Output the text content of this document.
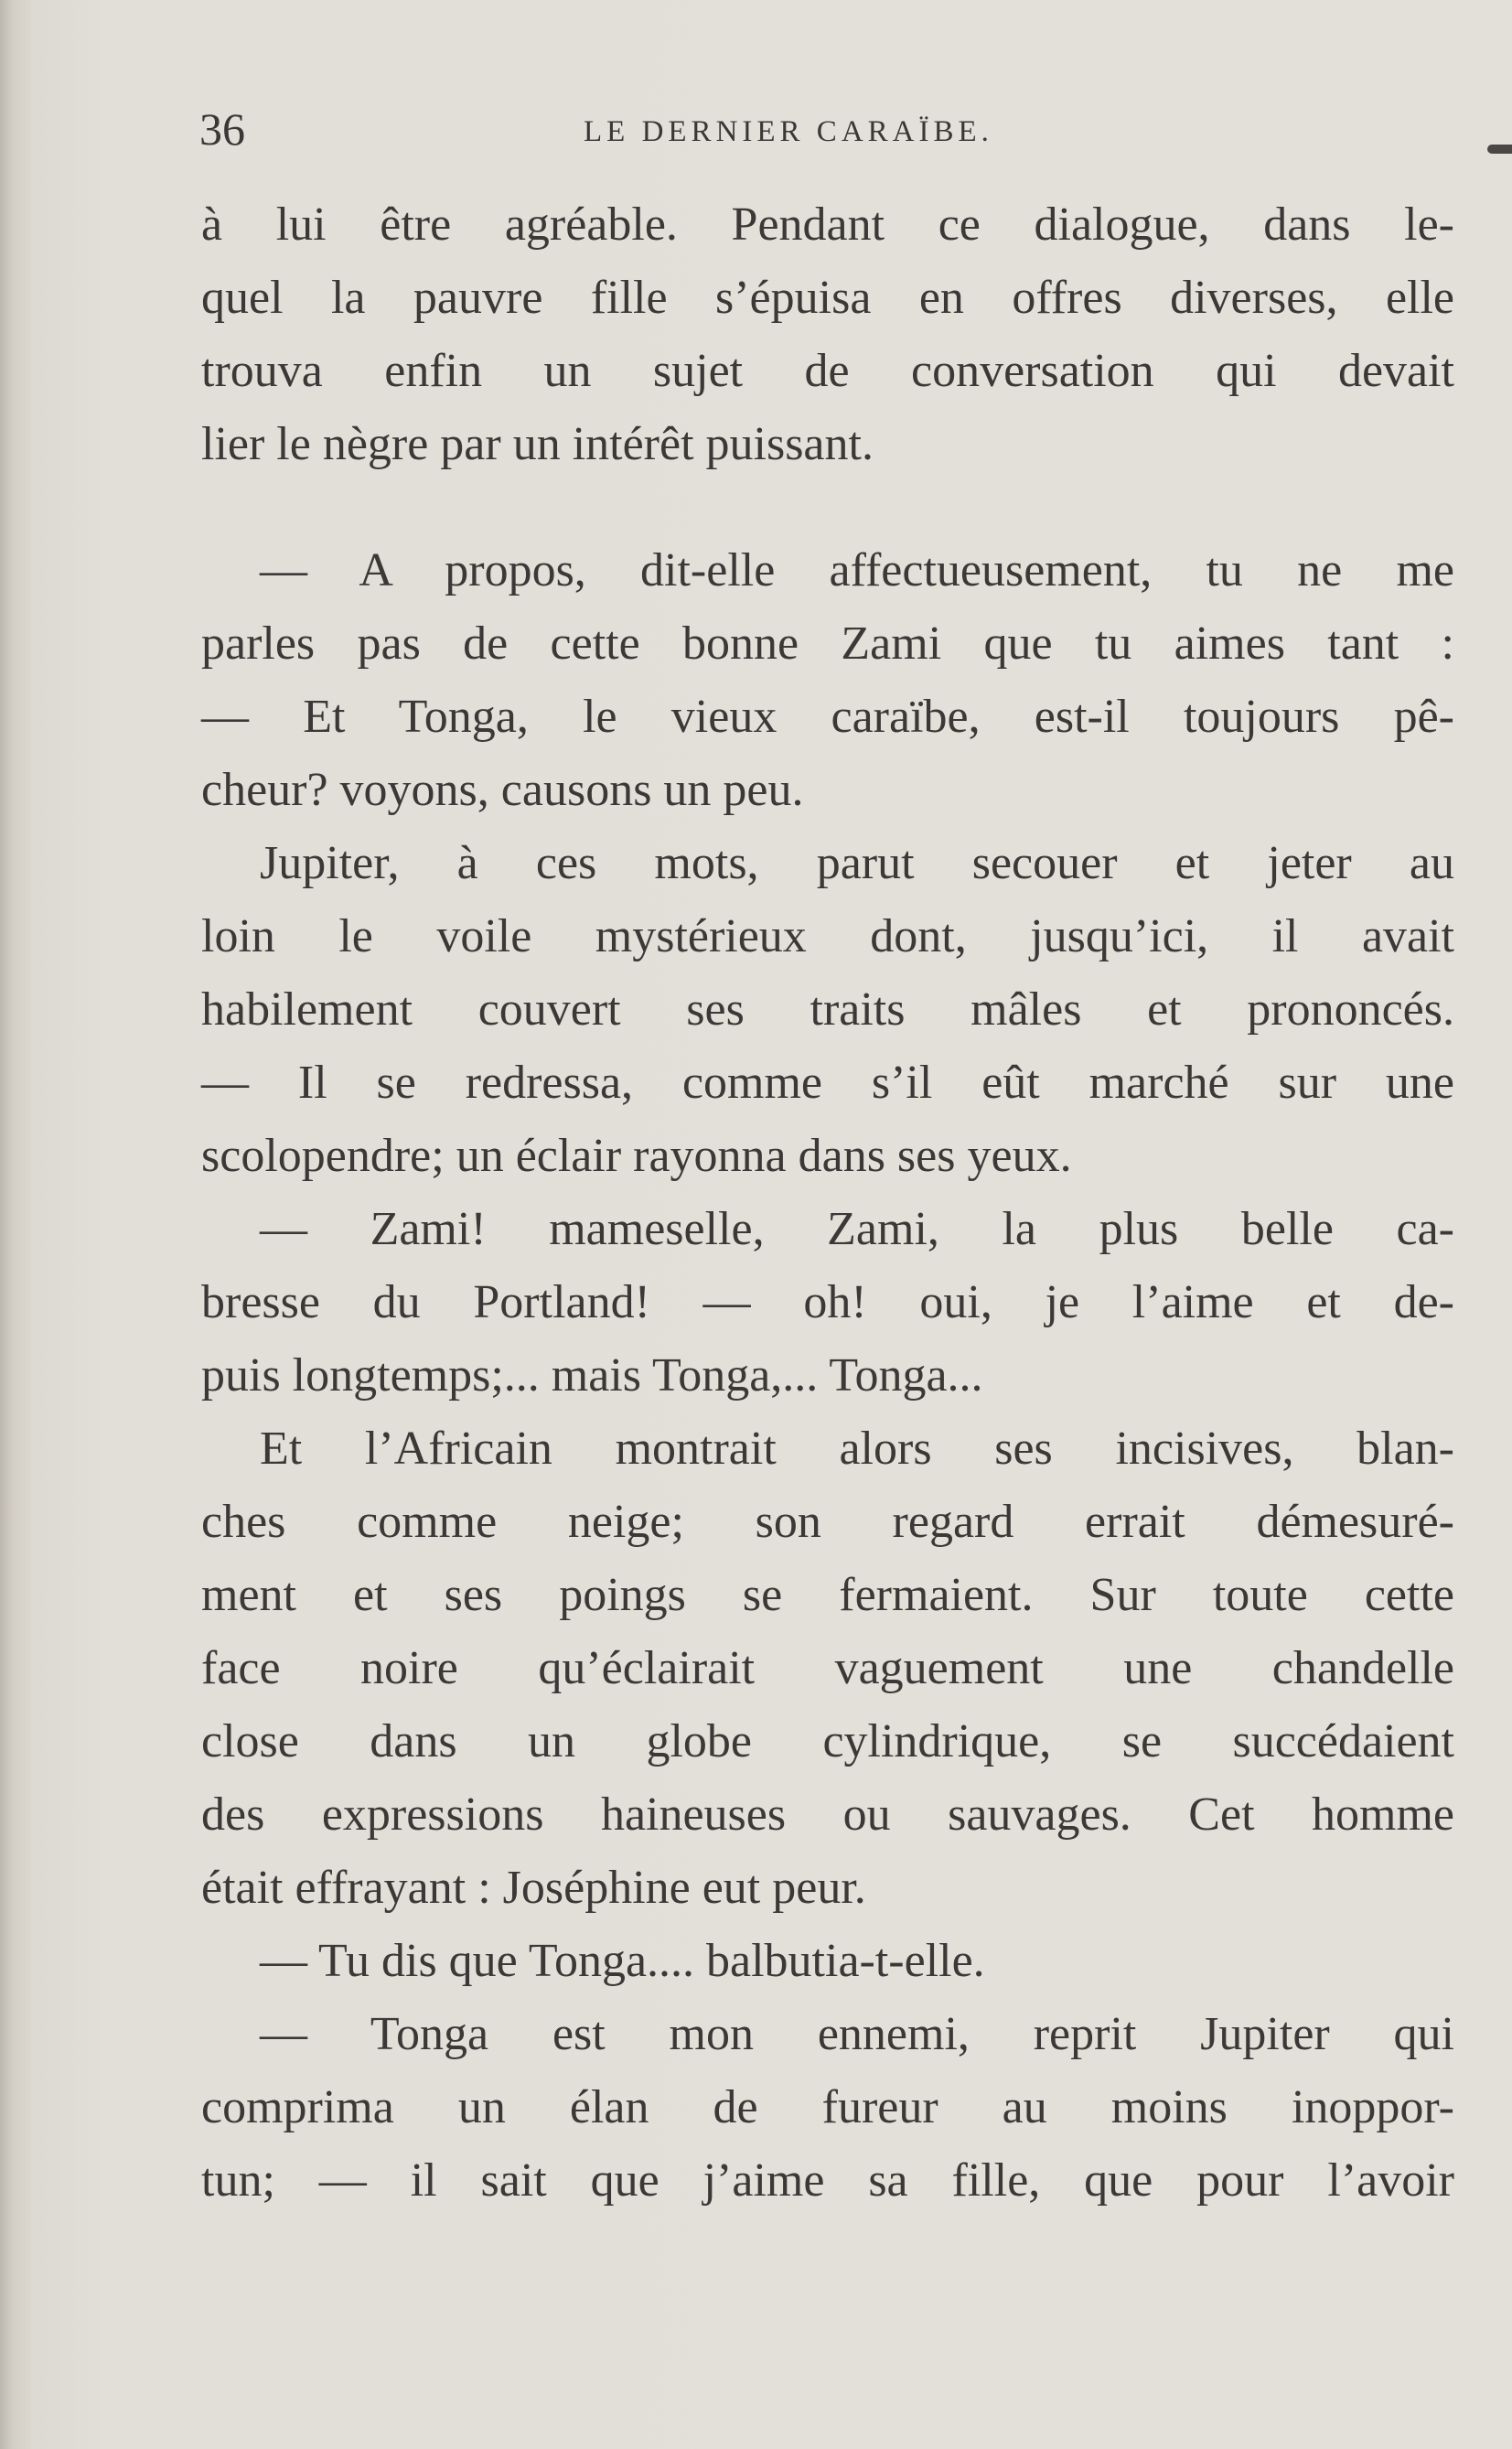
36	LE DERNIER CARAÏBE.
à lui être agréable. Pendant ce dialogue, dans le-
quel la pauvre fille s’épuisa en offres diverses, elle
trouva enfin un sujet de conversation qui devait
lier le nègre par un intérêt puissant.
— A propos, dit-elle affectueusement, tu ne me
parles pas de cette bonne Zami que tu aimes tant :
— Et Tonga, le vieux caraïbe, est-il toujours pê-
cheur? voyons, causons un peu.
Jupiter, à ces mots, parut secouer et jeter au
loin le voile mystérieux dont, jusqu’ici, il avait
habilement couvert ses traits mâles et prononcés.
— Il se redressa, comme s’il eût marché sur une
scolopendre; un éclair rayonna dans ses yeux.
— Zami! mameselle, Zami, la plus belle ca-
bresse du Portland! — oh! oui, je l’aime et de-
puis longtemps;... mais Tonga,... Tonga...
Et l’Africain montrait alors ses incisives, blan-
ches comme neige; son regard errait démesuré-
ment et ses poings se fermaient. Sur toute cette
face noire qu’éclairait vaguement une chandelle
close dans un globe cylindrique, se succédaient
des expressions haineuses ou sauvages. Cet homme
était effrayant : Joséphine eut peur.
— Tu dis que Tonga.... balbutia-t-elle.
— Tonga est mon ennemi, reprit Jupiter qui
comprima un élan de fureur au moins inoppor-
tun; — il sait que j’aime sa fille, que pour l’avoir
